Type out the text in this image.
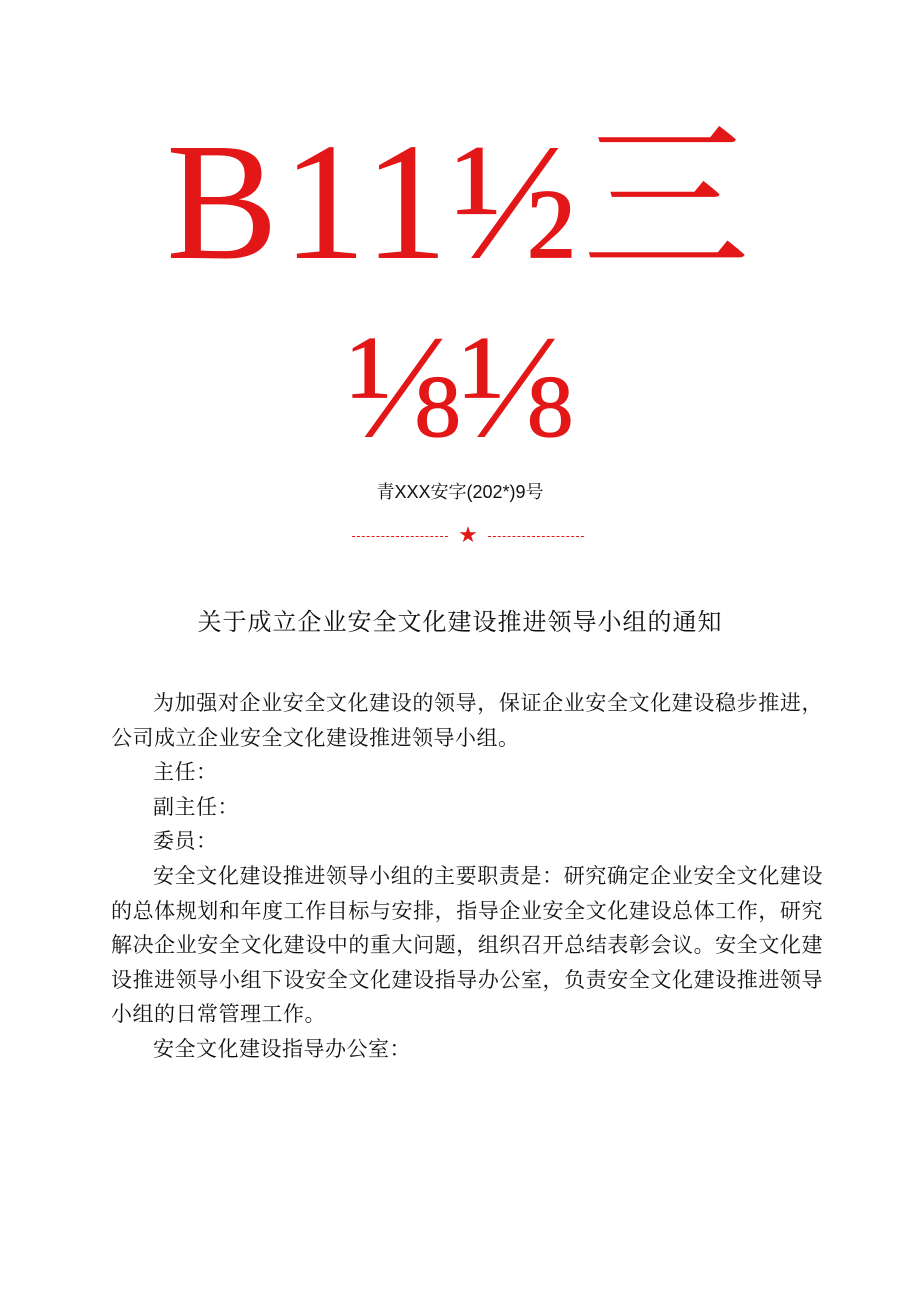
B11½三
⅛⅛
青XXX安字(202*)9号
★
关于成立企业安全文化建设推进领导小组的通知

为加强对企业安全文化建设的领导，保证企业安全文化建设稳步推进，公司成立企业安全文化建设推进领导小组。

主任：

副主任：

委员：

安全文化建设推进领导小组的主要职责是：研究确定企业安全文化建设的总体规划和年度工作目标与安排，指导企业安全文化建设总体工作，研究解决企业安全文化建设中的重大问题，组织召开总结表彰会议。安全文化建设推进领导小组下设安全文化建设指导办公室，负责安全文化建设推进领导小组的日常管理工作。

安全文化建设指导办公室：
